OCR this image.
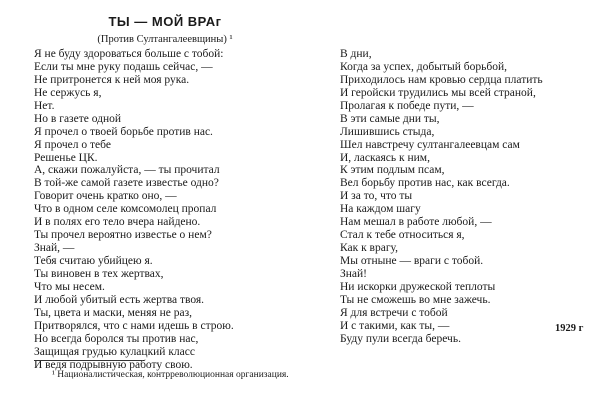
ТЫ — МОЙ ВРАг
(Против Султангалеевщины) ¹
Я не буду здороваться больше с тобой:
Если ты мне руку подашь сейчас, —
Не притронется к ней моя рука.
Не сержусь я,
Нет.
Но в газете одной
Я прочел о твоей борьбе против нас.
Я прочел о тебе
Решенье ЦК.
А, скажи пожалуйста, — ты прочитал
В той-же самой газете известье одно?
Говорит очень кратко оно, —
Что в одном селе комсомолец пропал
И в полях его тело вчера найдено.
Ты прочел вероятно известье о нем?
Знай, —
Тебя считаю убийцею я.
Ты виновен в тех жертвах,
Что мы несем.
И любой убитый есть жертва твоя.
Ты, цвета и маски, меняя не раз,
Притворялся, что с нами идешь в строю.
Но всегда боролся ты против нас,
Защищая грудью кулацкий класс
И ведя подрывную работу свою.
В дни,
Когда за успех, добытый борьбой,
Приходилось нам кровью сердца платить
И геройски трудились мы всей страной,
Пролагая к победе пути, —
В эти самые дни ты,
Лишившись стыда,
Шел навстречу султангалеевцам сам
И, ласкаясь к ним,
К этим подлым псам,
Вел борьбу против нас, как всегда.
И за то, что ты
На каждом шагу
Нам мешал в работе любой, —
Стал к тебе относиться я,
Как к врагу,
Мы отныне — враги с тобой.
Знай!
Ни искорки дружеской теплоты
Ты не сможешь во мне зажечь.
Я для встречи с тобой
И с такими, как ты, —
Буду пули всегда беречь.
1929 г
¹ Националистическая, контрреволюционная организация.
